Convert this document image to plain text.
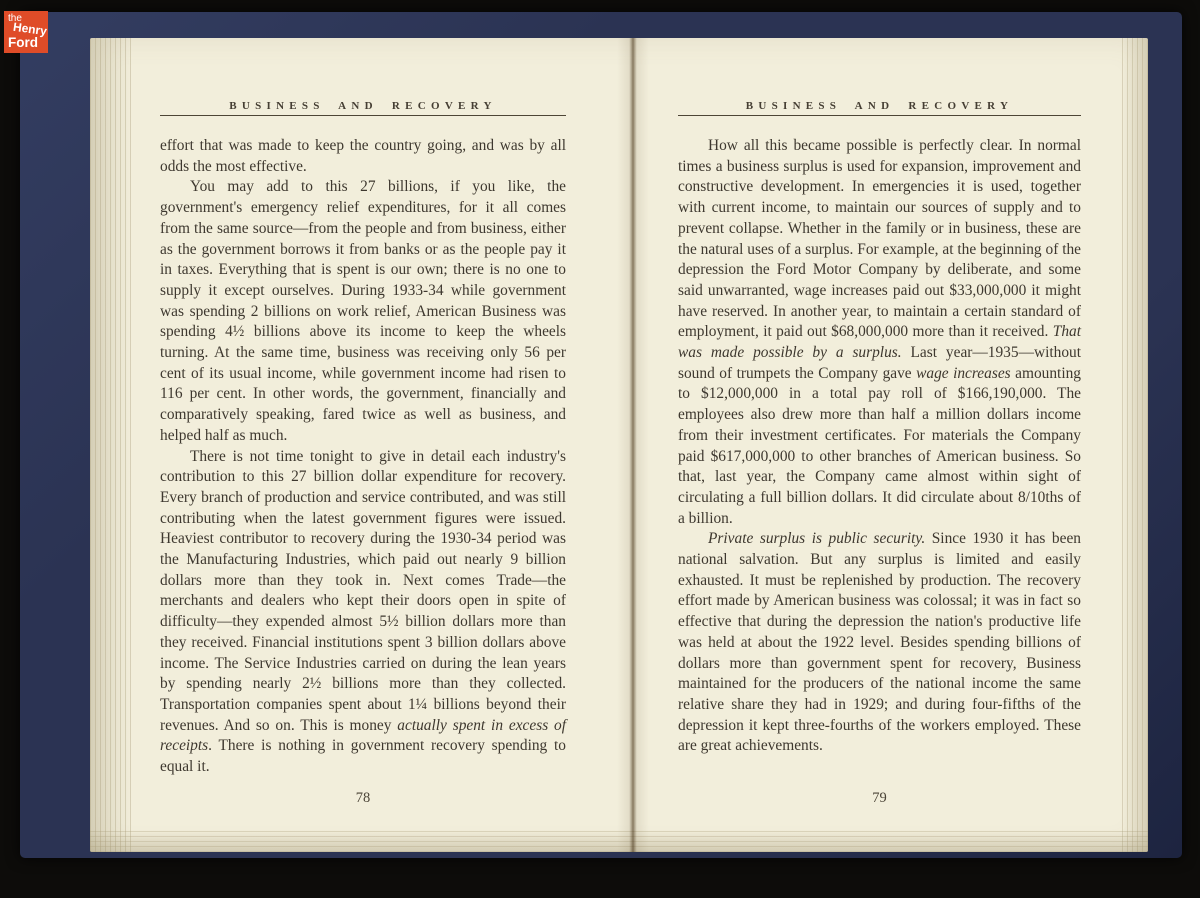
the
Henry
Ford
BUSINESS AND RECOVERY

effort that was made to keep the country going, and was by all odds the most effective.

You may add to this 27 billions, if you like, the government's emergency relief expenditures, for it all comes from the same source—from the people and from business, either as the government borrows it from banks or as the people pay it in taxes. Everything that is spent is our own; there is no one to supply it except ourselves. During 1933-34 while government was spending 2 billions on work relief, American Business was spending 4½ billions above its income to keep the wheels turning. At the same time, business was receiving only 56 per cent of its usual income, while government income had risen to 116 per cent. In other words, the government, financially and comparatively speaking, fared twice as well as business, and helped half as much.

There is not time tonight to give in detail each industry's contribution to this 27 billion dollar expenditure for recovery. Every branch of production and service contributed, and was still contributing when the latest government figures were issued. Heaviest contributor to recovery during the 1930-34 period was the Manufacturing Industries, which paid out nearly 9 billion dollars more than they took in. Next comes Trade—the merchants and dealers who kept their doors open in spite of difficulty—they expended almost 5½ billion dollars more than they received. Financial institutions spent 3 billion dollars above income. The Service Industries carried on during the lean years by spending nearly 2½ billions more than they collected. Transportation companies spent about 1¼ billions beyond their revenues. And so on. This is money actually spent in excess of receipts. There is nothing in government recovery spending to equal it.

78
BUSINESS AND RECOVERY

How all this became possible is perfectly clear. In normal times a business surplus is used for expansion, improvement and constructive development. In emergencies it is used, together with current income, to maintain our sources of supply and to prevent collapse. Whether in the family or in business, these are the natural uses of a surplus. For example, at the beginning of the depression the Ford Motor Company by deliberate, and some said unwarranted, wage increases paid out $33,000,000 it might have reserved. In another year, to maintain a certain standard of employment, it paid out $68,000,000 more than it received. That was made possible by a surplus. Last year—1935—without sound of trumpets the Company gave wage increases amounting to $12,000,000 in a total pay roll of $166,190,000. The employees also drew more than half a million dollars income from their investment certificates. For materials the Company paid $617,000,000 to other branches of American business. So that, last year, the Company came almost within sight of circulating a full billion dollars. It did circulate about 8/10ths of a billion.

Private surplus is public security. Since 1930 it has been national salvation. But any surplus is limited and easily exhausted. It must be replenished by production. The recovery effort made by American business was colossal; it was in fact so effective that during the depression the nation's productive life was held at about the 1922 level. Besides spending billions of dollars more than government spent for recovery, Business maintained for the producers of the national income the same relative share they had in 1929; and during four-fifths of the depression it kept three-fourths of the workers employed. These are great achievements.

79
